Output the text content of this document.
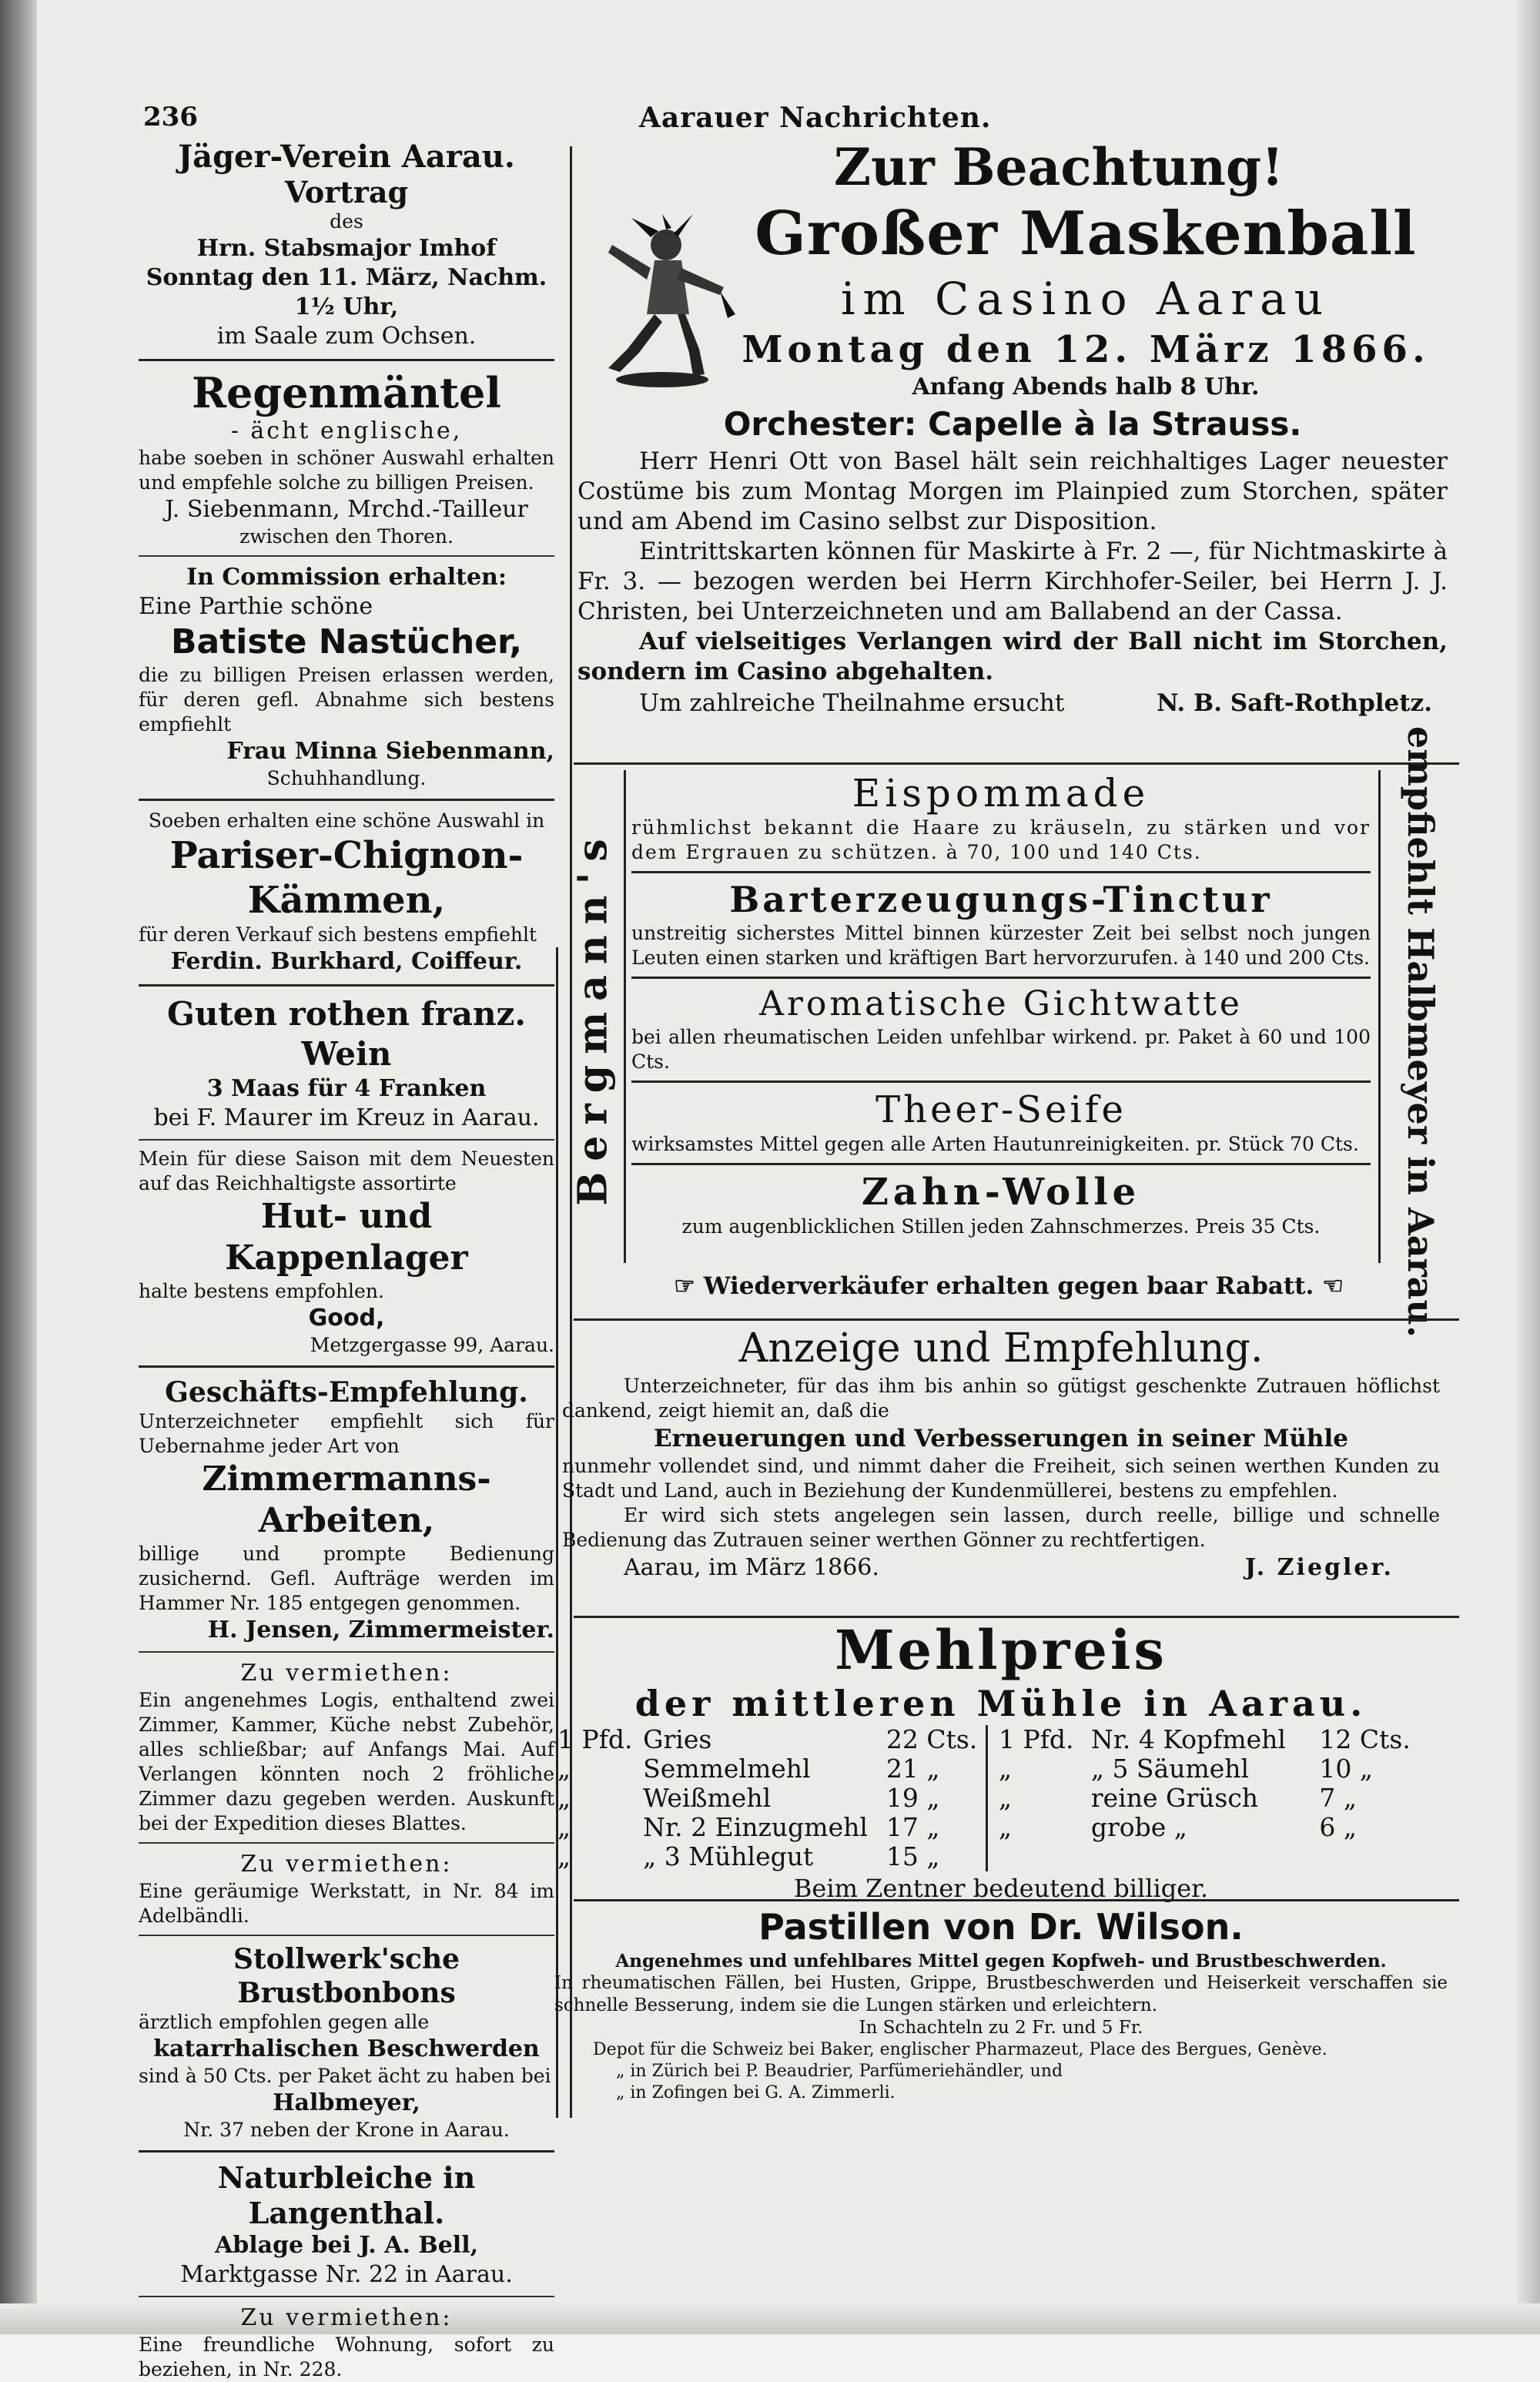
236	Aarauer Nachrichten.
Jäger-Verein Aarau.
Vortrag
des
Hrn. Stabsmajor Imhof
Sonntag den 11. März, Nachm. 1½ Uhr,
im Saale zum Ochsen.
Regenmäntel
- ächt englische,
habe soeben in schöner Auswahl erhalten und empfehle solche zu billigen Preisen.
J. Siebenmann, Mrchd.-Tailleur
zwischen den Thoren.
In Commission erhalten:
Eine Parthie schöne
Batiste Nastücher,
die zu billigen Preisen erlassen werden, für deren gefl. Abnahme sich bestens empfiehlt
Frau Minna Siebenmann,
Schuhhandlung.
Soeben erhalten eine schöne Auswahl in
Pariser-Chignon-Kämmen,
für deren Verkauf sich bestens empfiehlt
Ferdin. Burkhard, Coiffeur.
Guten rothen franz. Wein
3 Maas für 4 Franken
bei F. Maurer im Kreuz in Aarau.
Mein für diese Saison mit dem Neuesten auf das Reichhaltigste assortirte
Hut- und Kappenlager
halte bestens empfohlen.
Good,
Metzgergasse 99, Aarau.
Geschäfts-Empfehlung.
Unterzeichneter empfiehlt sich für Uebernahme jeder Art von
Zimmermanns-Arbeiten,
billige und prompte Bedienung zusichernd. Gefl. Aufträge werden im Hammer Nr. 185 entgegen genommen.
H. Jensen, Zimmermeister.
Zu vermiethen:
Ein angenehmes Logis, enthaltend zwei Zimmer, Kammer, Küche nebst Zubehör, alles schließbar; auf Anfangs Mai. Auf Verlangen könnten noch 2 fröhliche Zimmer dazu gegeben werden. Auskunft bei der Expedition dieses Blattes.
Zu vermiethen:
Eine geräumige Werkstatt, in Nr. 84 im Adelbändli.
Stollwerk'sche Brustbonbons
ärztlich empfohlen gegen alle
katarrhalischen Beschwerden
sind à 50 Cts. per Paket ächt zu haben bei
Halbmeyer,
Nr. 37 neben der Krone in Aarau.
Naturbleiche in Langenthal.
Ablage bei J. A. Bell,
Marktgasse Nr. 22 in Aarau.
Zu vermiethen:
Eine freundliche Wohnung, sofort zu beziehen, in Nr. 228.
Zur Beachtung!
Großer Maskenball
im Casino Aarau
Montag den 12. März 1866.
Anfang Abends halb 8 Uhr.
Orchester: Capelle à la Strauss.
Herr Henri Ott von Basel hält sein reichhaltiges Lager neuester Costüme bis zum Montag Morgen im Plainpied zum Storchen, später und am Abend im Casino selbst zur Disposition.
Eintrittskarten können für Maskirte à Fr. 2 —, für Nichtmaskirte à Fr. 3. — bezogen werden bei Herrn Kirchhofer-Seiler, bei Herrn J. J. Christen, bei Unterzeichneten und am Ballabend an der Cassa.
Auf vielseitiges Verlangen wird der Ball nicht im Storchen, sondern im Casino abgehalten.
Um zahlreiche Theilnahme ersucht	N. B. Saft-Rothpletz.
Bergmann's	empfiehlt Halbmeyer in Aarau.
Eispommade
rühmlichst bekannt die Haare zu kräuseln, zu stärken und vor dem Ergrauen zu schützen. à 70, 100 und 140 Cts.
Barterzeugungs-Tinctur
unstreitig sicherstes Mittel binnen kürzester Zeit bei selbst noch jungen Leuten einen starken und kräftigen Bart hervorzurufen. à 140 und 200 Cts.
Aromatische Gichtwatte
bei allen rheumatischen Leiden unfehlbar wirkend. pr. Paket à 60 und 100 Cts.
Theer-Seife
wirksamstes Mittel gegen alle Arten Hautunreinigkeiten. pr. Stück 70 Cts.
Zahn-Wolle
zum augenblicklichen Stillen jeden Zahnschmerzes. Preis 35 Cts.
☞ Wiederverkäufer erhalten gegen baar Rabatt. ☜
Anzeige und Empfehlung.
Unterzeichneter, für das ihm bis anhin so gütigst geschenkte Zutrauen höflichst dankend, zeigt hiemit an, daß die
Erneuerungen und Verbesserungen in seiner Mühle
nunmehr vollendet sind, und nimmt daher die Freiheit, sich seinen werthen Kunden zu Stadt und Land, auch in Beziehung der Kundenmüllerei, bestens zu empfehlen.
Er wird sich stets angelegen sein lassen, durch reelle, billige und schnelle Bedienung das Zutrauen seiner werthen Gönner zu rechtfertigen.
Aarau, im März 1866.	J. Ziegler.
Mehlpreis
der mittleren Mühle in Aarau.
1 Pfd.	Gries	22 Cts.
„	Semmelmehl	21 „
„	Weißmehl	19 „
„	Nr. 2 Einzugmehl	17 „
„	„ 3 Mühlegut	15 „
1 Pfd.	Nr. 4 Kopfmehl	12 Cts.
„	„ 5 Säumehl	10 „
„	reine Grüsch	7 „
„	grobe „	6 „
Beim Zentner bedeutend billiger.
Pastillen von Dr. Wilson.
Angenehmes und unfehlbares Mittel gegen Kopfweh- und Brustbeschwerden.
In rheumatischen Fällen, bei Husten, Grippe, Brustbeschwerden und Heiserkeit verschaffen sie schnelle Besserung, indem sie die Lungen stärken und erleichtern.
In Schachteln zu 2 Fr. und 5 Fr.
Depot für die Schweiz bei Baker, englischer Pharmazeut, Place des Bergues, Genève.
„ in Zürich bei P. Beaudrier, Parfümeriehändler, und
„ in Zofingen bei G. A. Zimmerli.
